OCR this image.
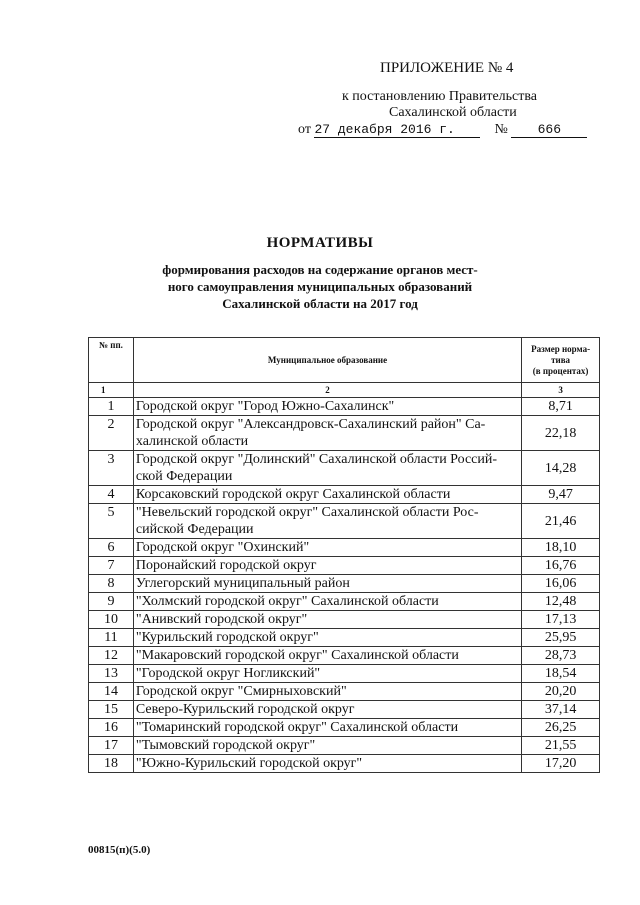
ПРИЛОЖЕНИЕ № 4
к постановлению Правительства
Сахалинской области
от 27 декабря 2016 г.	№ 666
НОРМАТИВЫ
формирования расходов на содержание органов мест-
ного самоуправления муниципальных образований
Сахалинской области на 2017 год
№ пп.	Муниципальное образование	Размер норма-
тива
(в процентах)

1	2	3
1	Городской округ "Город Южно-Сахалинск"	8,71
2	Городской округ "Александровск-Сахалинский район" Са-
халинской области	22,18
3	Городской округ "Долинский" Сахалинской области Россий-
ской Федерации	14,28
4	Корсаковский городской округ Сахалинской области	9,47
5	"Невельский городской округ" Сахалинской области Рос-
сийской Федерации	21,46
6	Городской округ "Охинский"	18,10
7	Поронайский городской округ	16,76
8	Углегорский муниципальный район	16,06
9	"Холмский городской округ" Сахалинской области	12,48
10	"Анивский городской округ"	17,13
11	"Курильский городской округ"	25,95
12	"Макаровский городской округ" Сахалинской области	28,73
13	"Городской округ Ногликский"	18,54
14	Городской округ "Смирныховский"	20,20
15	Северо-Курильский городской округ	37,14
16	"Томаринский городской округ" Сахалинской области	26,25
17	"Тымовский городской округ"	21,55
18	"Южно-Курильский городской округ"	17,20
00815(п)(5.0)
